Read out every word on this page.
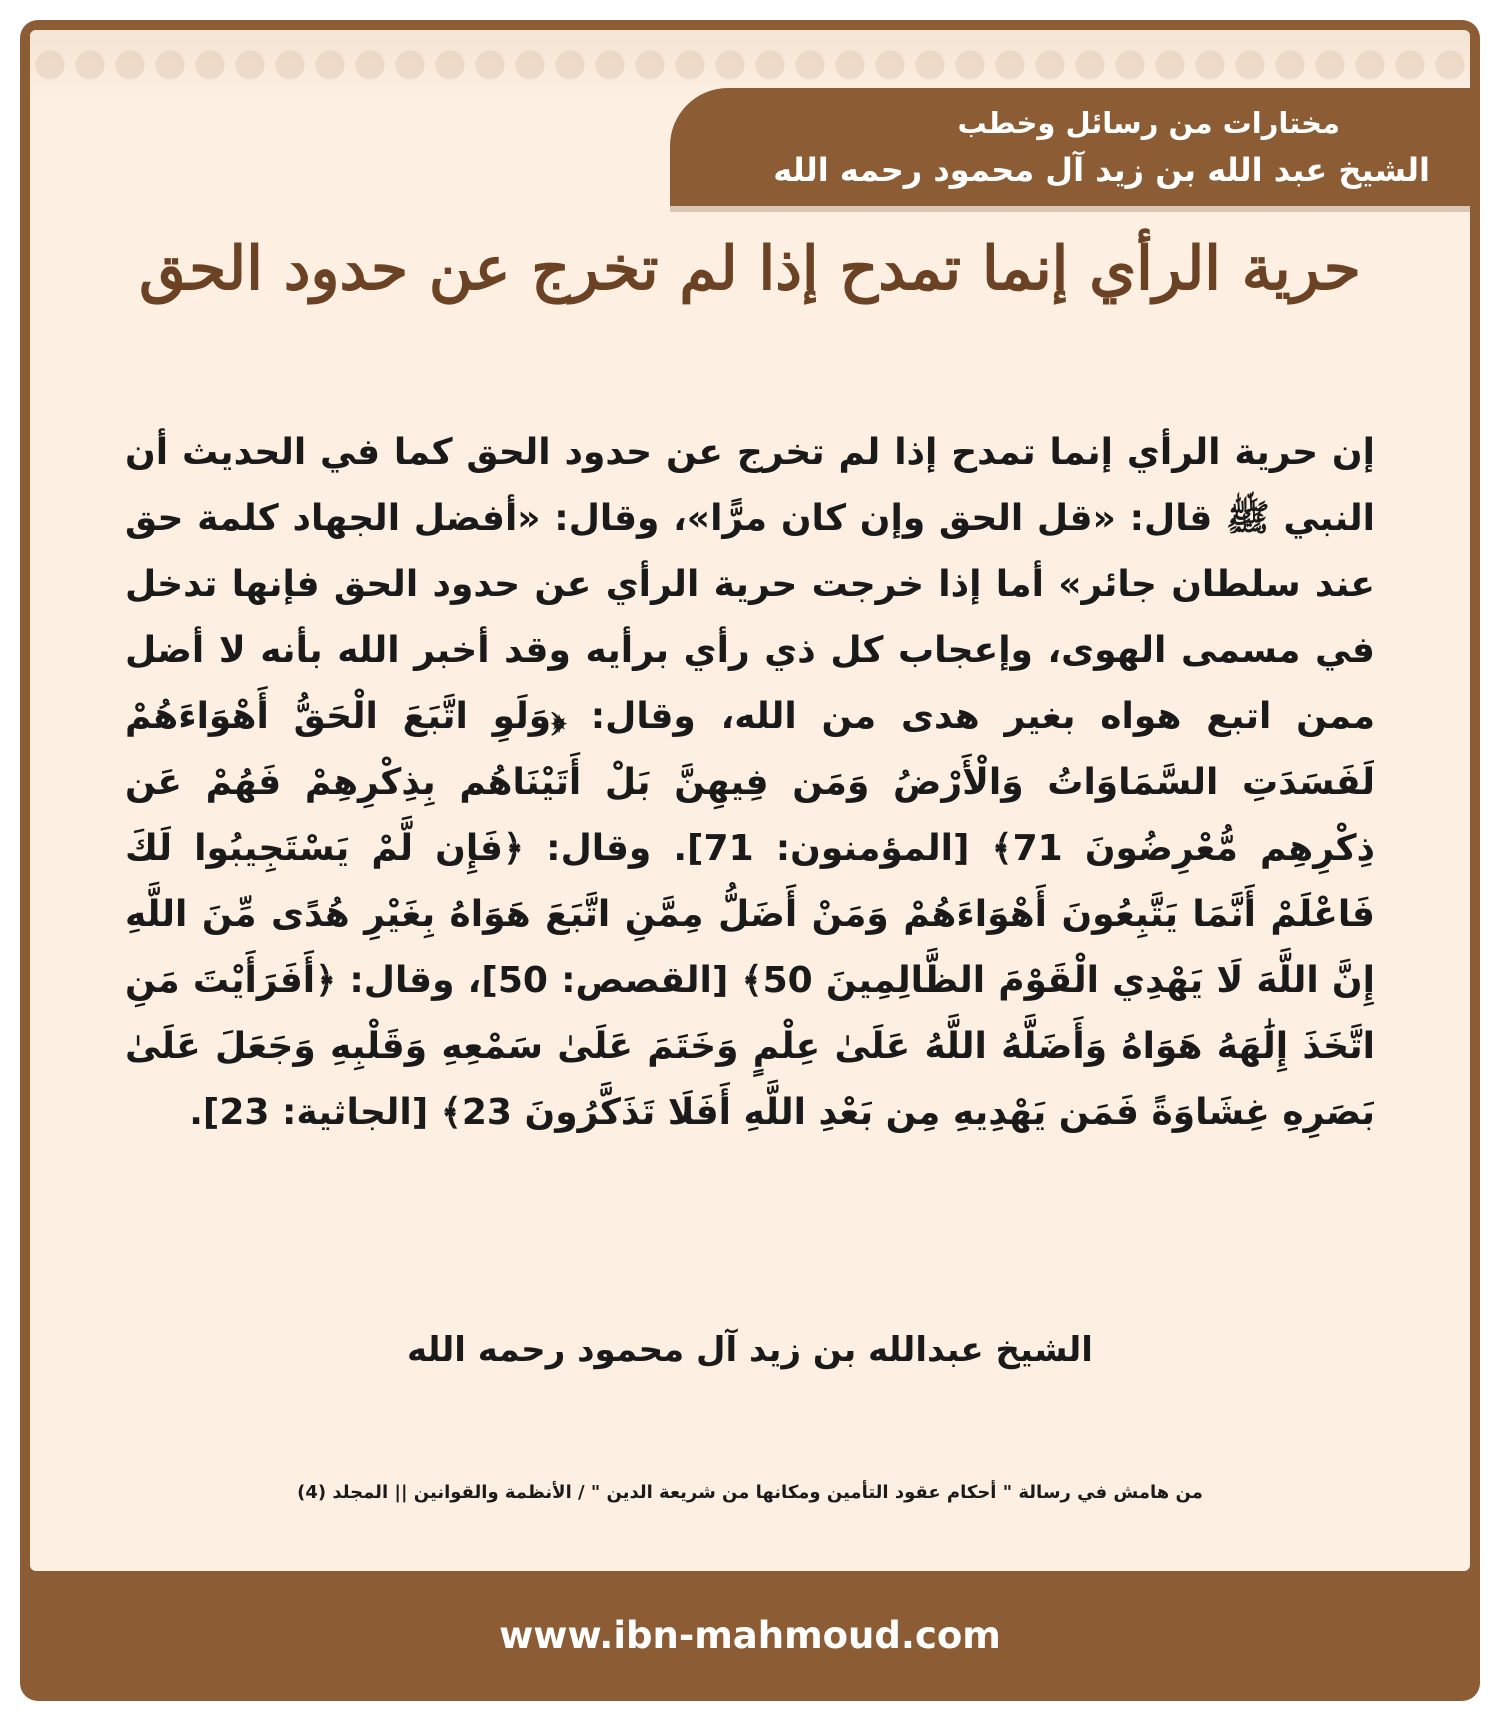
مختارات من رسائل وخطب
الشيخ عبد الله بن زيد آل محمود رحمه الله
حرية الرأي إنما تمدح إذا لم تخرج عن حدود الحق
إن حرية الرأي إنما تمدح إذا لم تخرج عن حدود الحق كما في الحديث أن النبي ﷺ قال: «قل الحق وإن كان مرًّا»، وقال: «أفضل الجهاد كلمة حق عند سلطان جائر» أما إذا خرجت حرية الرأي عن حدود الحق فإنها تدخل في مسمى الهوى، وإعجاب كل ذي رأي برأيه وقد أخبر الله بأنه لا أضل ممن اتبع هواه بغير هدى من الله، وقال: ﴿وَلَوِ اتَّبَعَ الْحَقُّ أَهْوَاءَهُمْ لَفَسَدَتِ السَّمَاوَاتُ وَالْأَرْضُ وَمَن فِيهِنَّ بَلْ أَتَيْنَاهُم بِذِكْرِهِمْ فَهُمْ عَن ذِكْرِهِم مُّعْرِضُونَ 71﴾ [المؤمنون: 71]. وقال: ﴿فَإِن لَّمْ يَسْتَجِيبُوا لَكَ فَاعْلَمْ أَنَّمَا يَتَّبِعُونَ أَهْوَاءَهُمْ وَمَنْ أَضَلُّ مِمَّنِ اتَّبَعَ هَوَاهُ بِغَيْرِ هُدًى مِّنَ اللَّهِ إِنَّ اللَّهَ لَا يَهْدِي الْقَوْمَ الظَّالِمِينَ 50﴾ [القصص: 50]، وقال: ﴿أَفَرَأَيْتَ مَنِ اتَّخَذَ إِلَٰهَهُ هَوَاهُ وَأَضَلَّهُ اللَّهُ عَلَىٰ عِلْمٍ وَخَتَمَ عَلَىٰ سَمْعِهِ وَقَلْبِهِ وَجَعَلَ عَلَىٰ بَصَرِهِ غِشَاوَةً فَمَن يَهْدِيهِ مِن بَعْدِ اللَّهِ أَفَلَا تَذَكَّرُونَ 23﴾ [الجاثية: 23].
الشيخ عبدالله بن زيد آل محمود رحمه الله
من هامش في رسالة " أحكام عقود التأمين ومكانها من شريعة الدين " / الأنظمة والقوانين || المجلد (4)
www.ibn-mahmoud.com
